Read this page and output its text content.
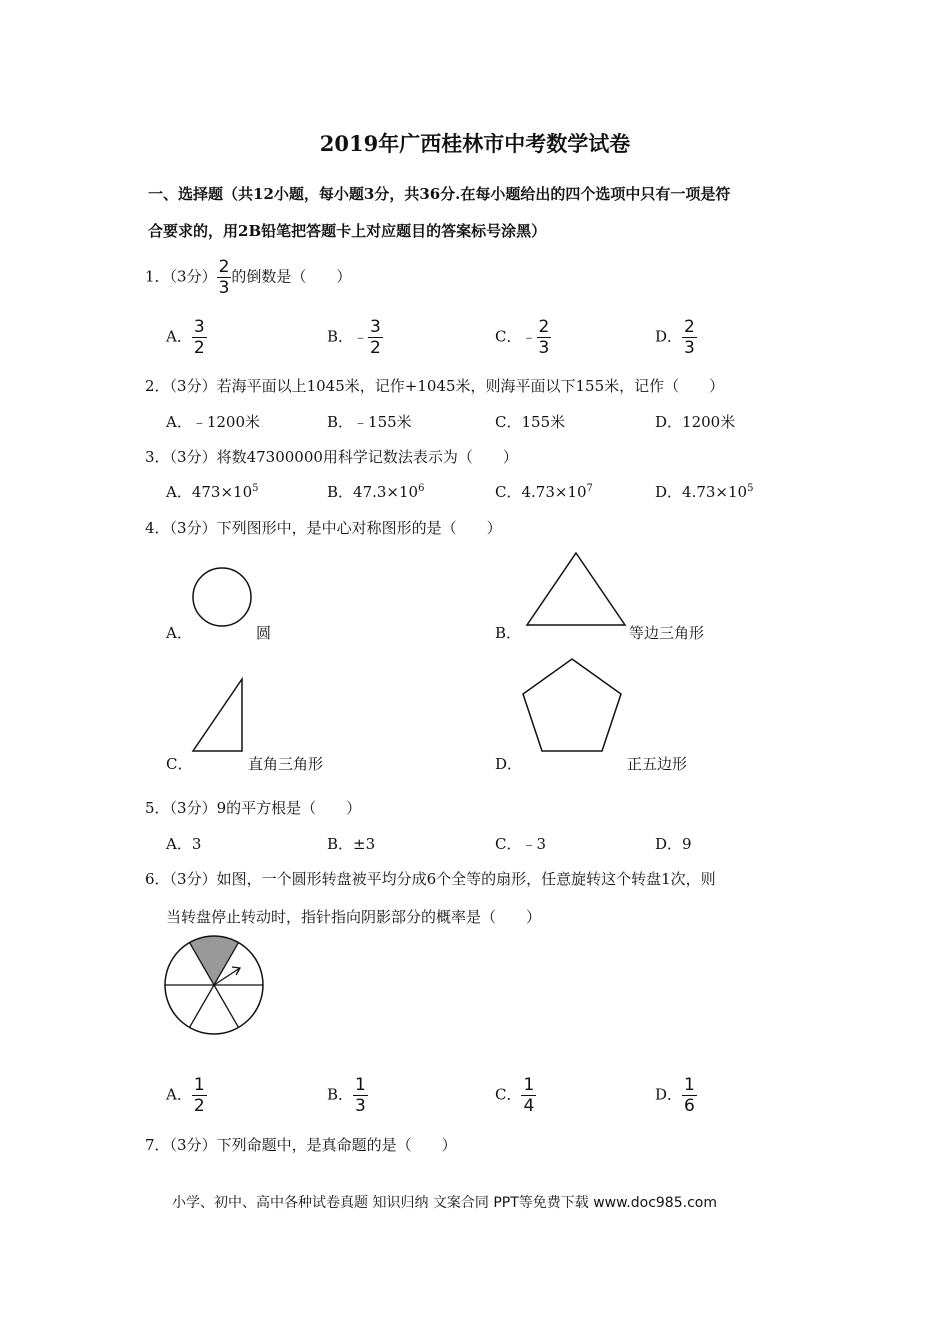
2019年广西桂林市中考数学试卷
一、选择题（共12小题，每小题3分，共36分.在每小题给出的四个选项中只有一项是符
合要求的，用2B铅笔把答题卡上对应题目的答案标号涂黑）
1．（3分） $\frac{2}{3}$ 的倒数是（　　）
A． $\frac{3}{2}$	B．﹣ $\frac{3}{2}$	C．﹣ $\frac{2}{3}$	D． $\frac{2}{3}$
2．（3分）若海平面以上1045米，记作+1045米，则海平面以下155米，记作（　　）
A．﹣1200米	B．﹣155米	C．155米	D．1200米
3．（3分）将数47300000用科学记数法表示为（　　）
A．$473\times 10^5$	B．$47.3\times 10^6$	C．$4.73\times 10^7$	D．$4.73\times 10^5$
4．（3分）下列图形中，是中心对称图形的是（　　）
A．	圆	B．	等边三角形
C．	直角三角形	D．	正五边形
5．（3分）9的平方根是（　　）
A．3	B．±3	C．﹣3	D．9
6．（3分）如图，一个圆形转盘被平均分成6个全等的扇形，任意旋转这个转盘1次，则
当转盘停止转动时，指针指向阴影部分的概率是（　　）
A． $\frac{1}{2}$	B． $\frac{1}{3}$	C． $\frac{1}{4}$	D． $\frac{1}{6}$
7．（3分）下列命题中，是真命题的是（　　）
小学、初中、高中各种试卷真题 知识归纳 文案合同 PPT等免费下载 www.doc985.com
